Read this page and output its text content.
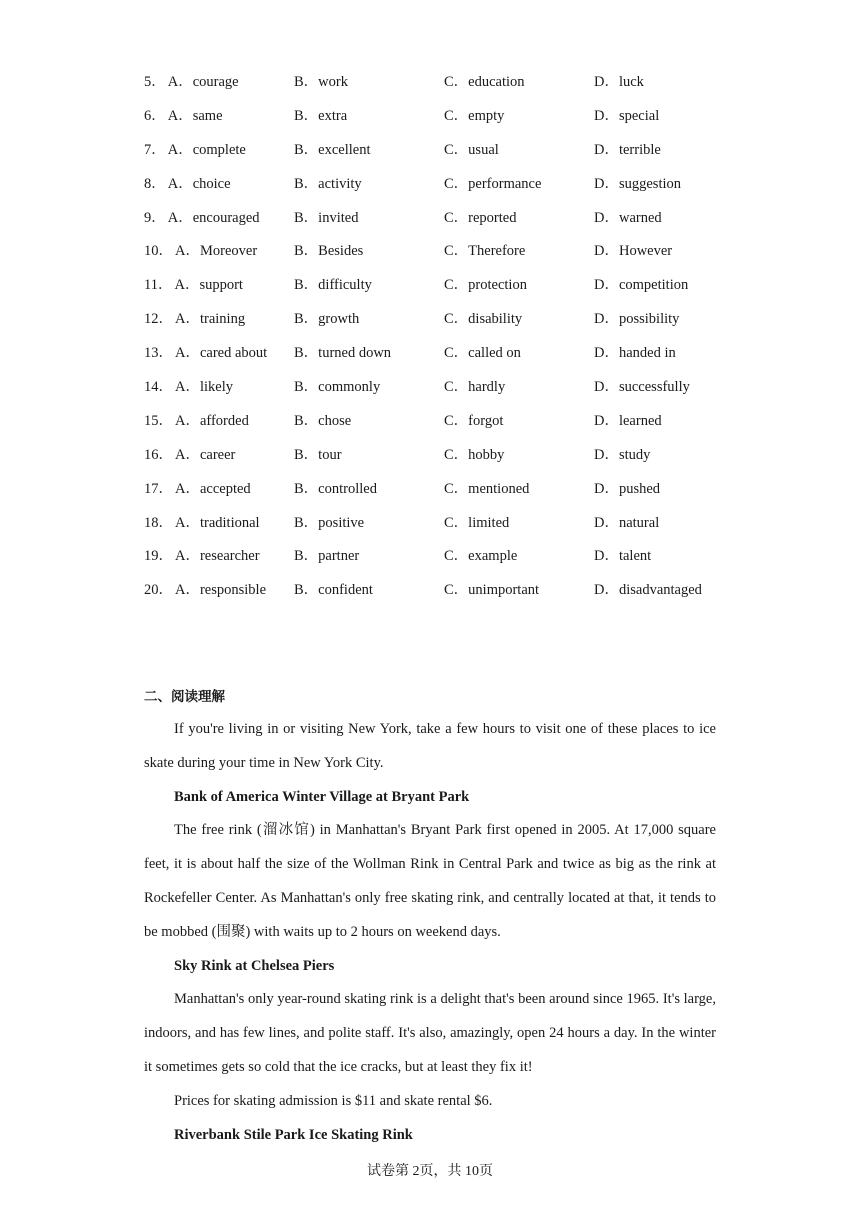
5． A．courage	B．work	C．education	D．luck
6． A．same	B．extra	C．empty	D．special
7． A．complete	B．excellent	C．usual	D．terrible
8． A．choice	B．activity	C．performance	D．suggestion
9． A．encouraged B．invited	C．reported	D．warned
10． A．Moreover	B．Besides	C．Therefore	D．However
11． A．support	B．difficulty	C．protection	D．competition
12． A．training	B．growth	C．disability	D．possibility
13． A．cared about B．turned down	C．called on	D．handed in
14． A．likely	B．commonly	C．hardly	D．successfully
15． A．afforded	B．chose	C．forgot	D．learned
16． A．career	B．tour	C．hobby	D．study
17． A．accepted	B．controlled	C．mentioned	D．pushed
18． A．traditional B．positive	C．limited	D．natural
19． A．researcher B．partner	C．example	D．talent
20． A．responsible B．confident	C．unimportant	D．disadvantaged
二、阅读理解

If you're living in or visiting New York, take a few hours to visit one of these places to ice skate during your time in New York City.

Bank of America Winter Village at Bryant Park

The free rink (溜冰馆) in Manhattan's Bryant Park first opened in 2005. At 17,000 square feet, it is about half the size of the Wollman Rink in Central Park and twice as big as the rink at Rockefeller Center. As Manhattan's only free skating rink, and centrally located at that, it tends to be mobbed (围聚) with waits up to 2 hours on weekend days.

Sky Rink at Chelsea Piers

Manhattan's only year-round skating rink is a delight that's been around since 1965. It's large, indoors, and has few lines, and polite staff. It's also, amazingly, open 24 hours a day. In the winter it sometimes gets so cold that the ice cracks, but at least they fix it!

Prices for skating admission is $11 and skate rental $6.

Riverbank Stile Park Ice Skating Rink

试卷第 2页，共 10页
